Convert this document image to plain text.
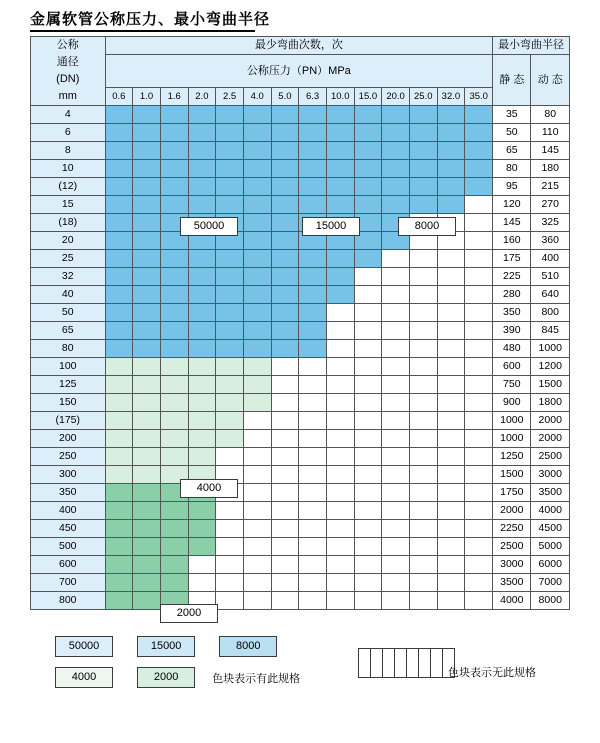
金属软管公称压力、最小弯曲半径
公称
通径
(DN)
mm	最少弯曲次数，次														最小弯曲半径	
	公称压力（PN）MPa														静 态	动 态
	0.6	1.0	1.6	2.0	2.5	4.0	5.0	6.3	10.0	15.0	20.0	25.0	32.0	35.0		
4															35	80
6															50	110
8															65	145
10															80	180
(12)															95	215
15															120	270
(18)															145	325
20															160	360
25															175	400
32															225	510
40															280	640
50															350	800
65															390	845
80															480	1000
100															600	1200
125															750	1500
150															900	1800
(175)															1000	2000
200															1000	2000
250															1250	2500
300															1500	3000
350															1750	3500
400															2000	4000
450															2250	4500
500															2500	5000
600															3000	6000
700															3500	7000
800															4000	8000
50000	15000	8000
4000
2000
50000	15000	8000
4000	2000	色块表示有此规格
								色块表示无此规格
